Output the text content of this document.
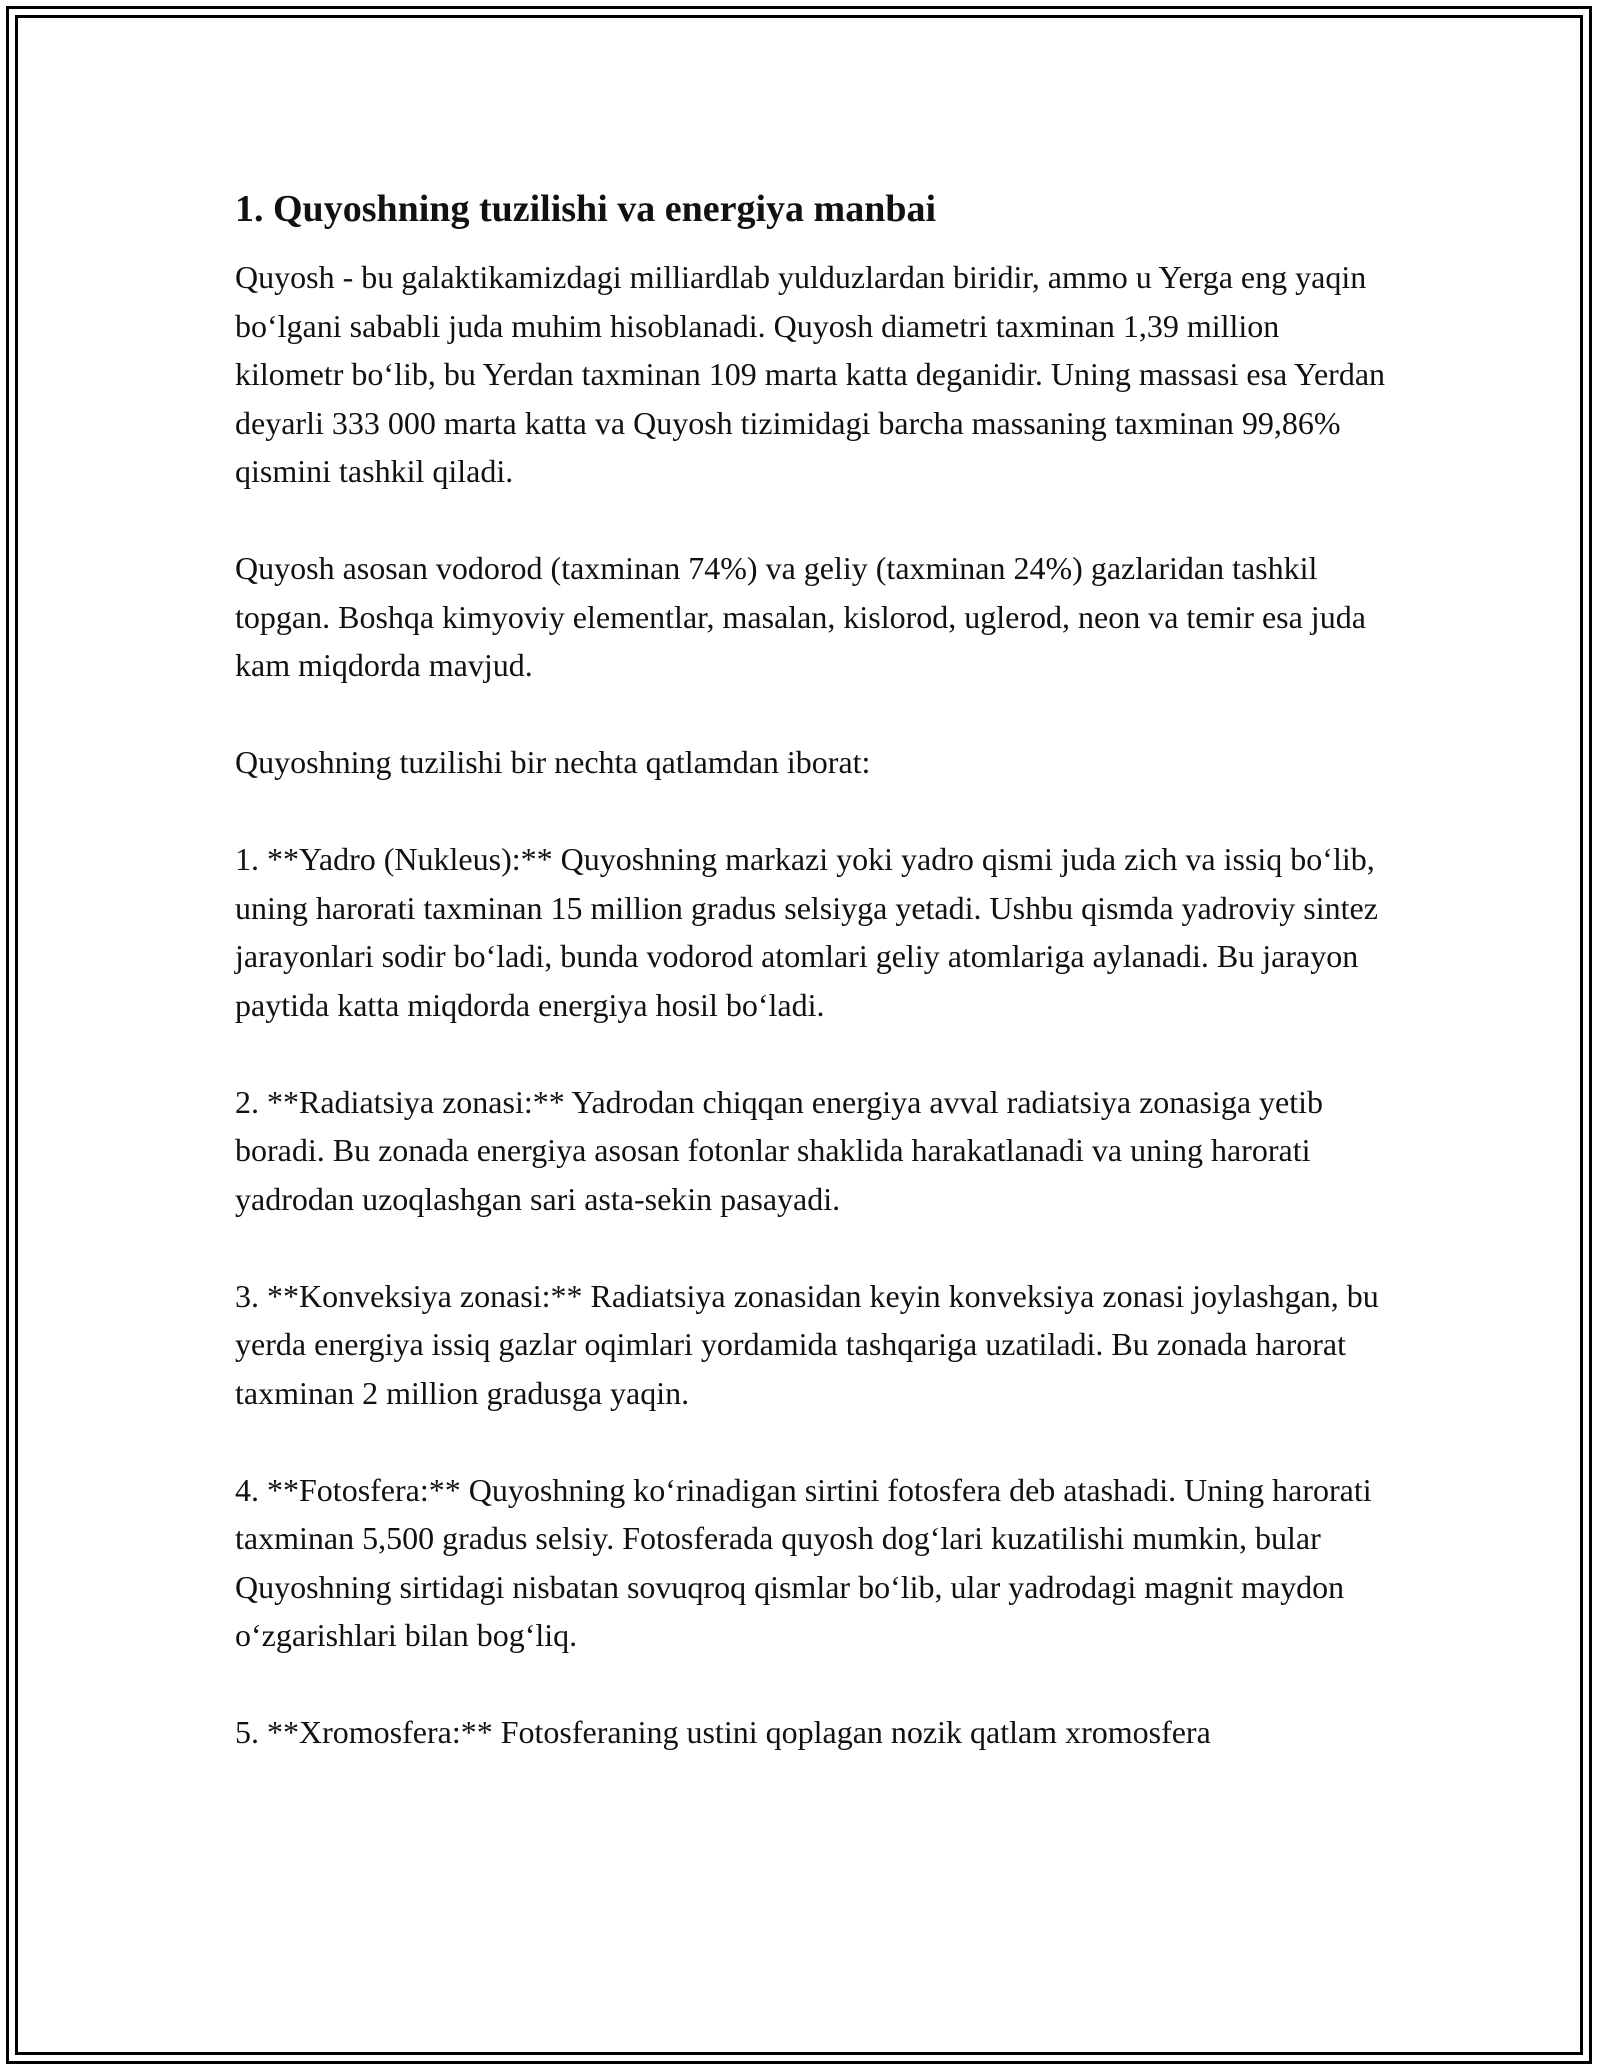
1. Quyoshning tuzilishi va energiya manbai

Quyosh - bu galaktikamizdagi milliardlab yulduzlardan biridir, ammo u Yerga eng yaqin boʻlgani sababli juda muhim hisoblanadi. Quyosh diametri taxminan 1,39 million kilometr boʻlib, bu Yerdan taxminan 109 marta katta deganidir. Uning massasi esa Yerdan deyarli 333 000 marta katta va Quyosh tizimidagi barcha massaning taxminan 99,86% qismini tashkil qiladi.

Quyosh asosan vodorod (taxminan 74%) va geliy (taxminan 24%) gazlaridan tashkil topgan. Boshqa kimyoviy elementlar, masalan, kislorod, uglerod, neon va temir esa juda kam miqdorda mavjud.

Quyoshning tuzilishi bir nechta qatlamdan iborat:

1. **Yadro (Nukleus):** Quyoshning markazi yoki yadro qismi juda zich va issiq boʻlib, uning harorati taxminan 15 million gradus selsiyga yetadi. Ushbu qismda yadroviy sintez jarayonlari sodir boʻladi, bunda vodorod atomlari geliy atomlariga aylanadi. Bu jarayon paytida katta miqdorda energiya hosil boʻladi.

2. **Radiatsiya zonasi:** Yadrodan chiqqan energiya avval radiatsiya zonasiga yetib boradi. Bu zonada energiya asosan fotonlar shaklida harakatlanadi va uning harorati yadrodan uzoqlashgan sari asta-sekin pasayadi.

3. **Konveksiya zonasi:** Radiatsiya zonasidan keyin konveksiya zonasi joylashgan, bu yerda energiya issiq gazlar oqimlari yordamida tashqariga uzatiladi. Bu zonada harorat taxminan 2 million gradusga yaqin.

4. **Fotosfera:** Quyoshning koʻrinadigan sirtini fotosfera deb atashadi. Uning harorati taxminan 5,500 gradus selsiy. Fotosferada quyosh dogʻlari kuzatilishi mumkin, bular Quyoshning sirtidagi nisbatan sovuqroq qismlar boʻlib, ular yadrodagi magnit maydon oʻzgarishlari bilan bogʻliq.

5. **Xromosfera:** Fotosferaning ustini qoplagan nozik qatlam xromosfera
